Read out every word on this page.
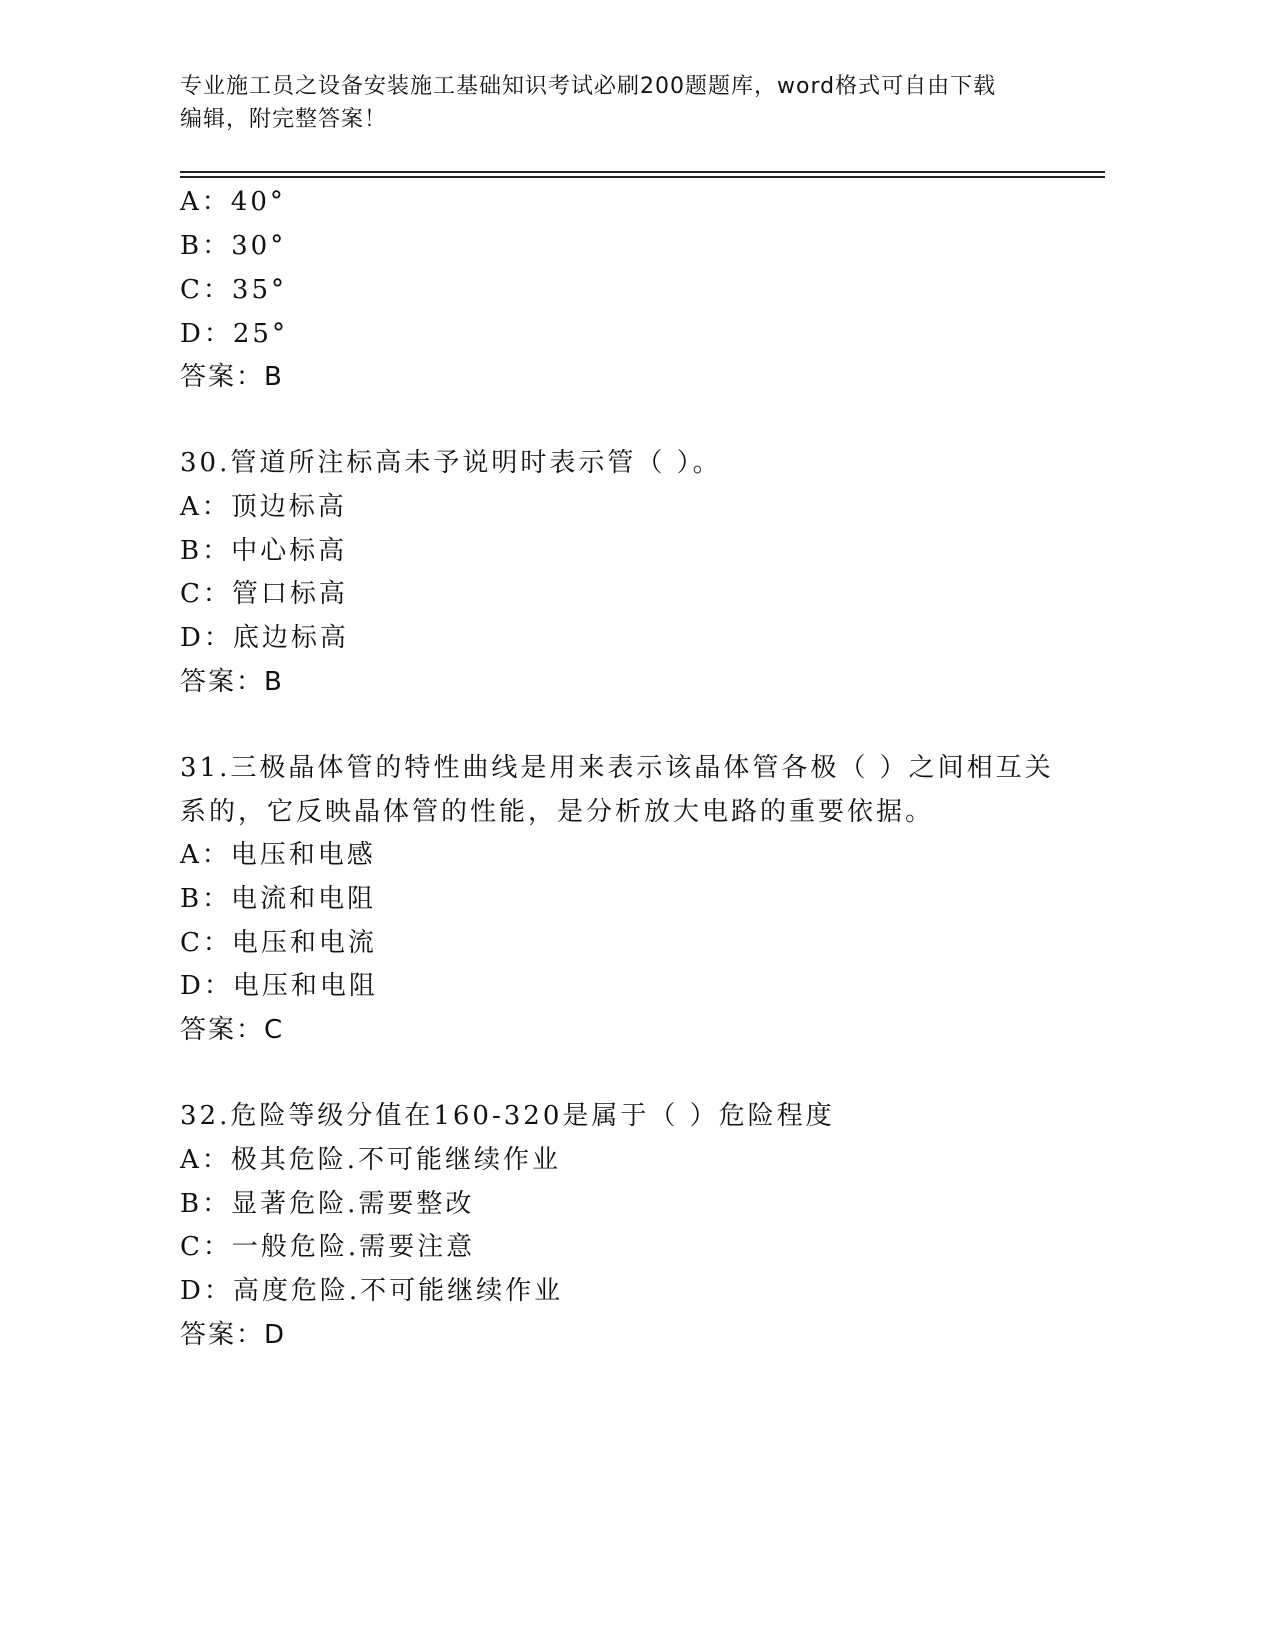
专业施工员之设备安装施工基础知识考试必刷200题题库，word格式可自由下载
编辑，附完整答案！
A：40°
B：30°
C：35°
D：25°
答案：B
30.管道所注标高未予说明时表示管（ ）。
A：顶边标高
B：中心标高
C：管口标高
D：底边标高
答案：B
31.三极晶体管的特性曲线是用来表示该晶体管各极（ ）之间相互关
系的，它反映晶体管的性能，是分析放大电路的重要依据。
A：电压和电感
B：电流和电阻
C：电压和电流
D：电压和电阻
答案：C
32.危险等级分值在160-320是属于（ ）危险程度
A：极其危险.不可能继续作业
B：显著危险.需要整改
C：一般危险.需要注意
D：高度危险.不可能继续作业
答案：D
